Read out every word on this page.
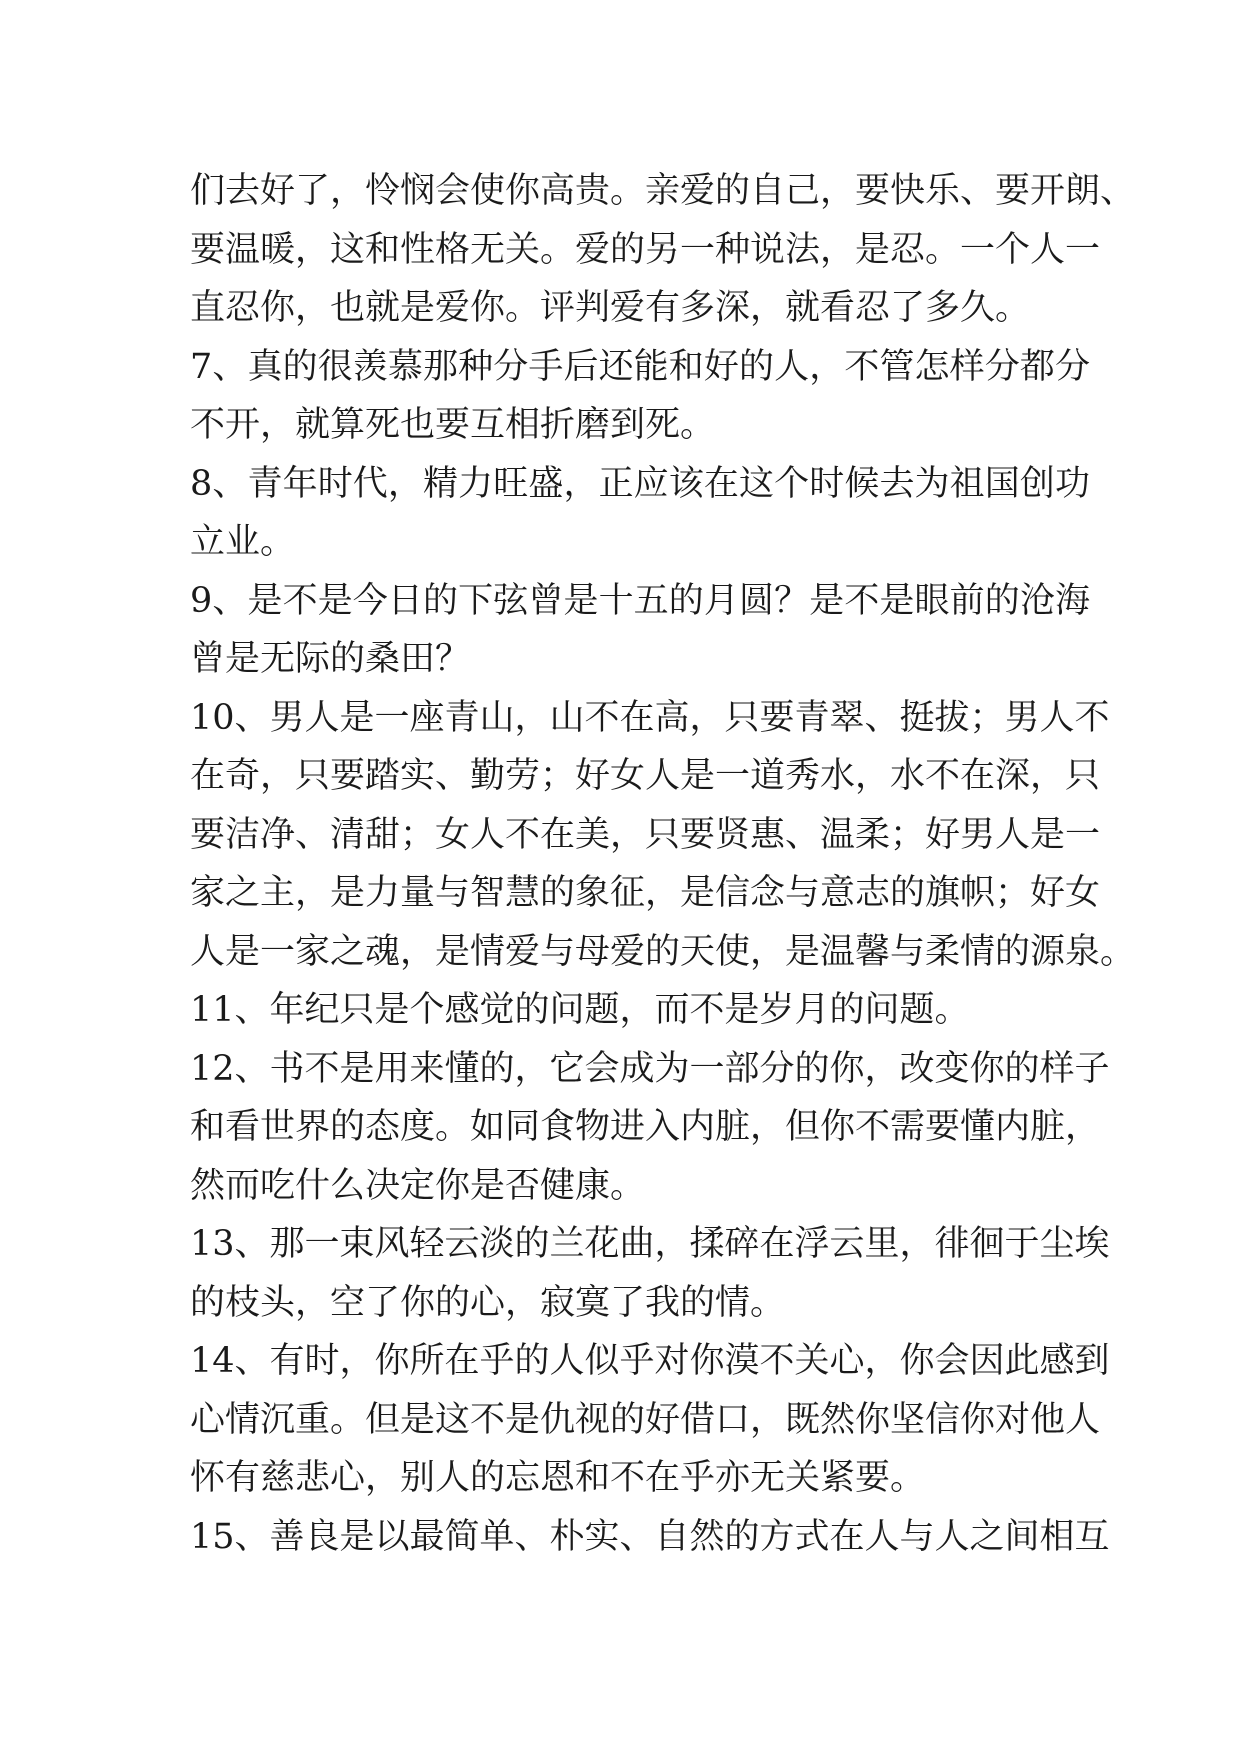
们去好了，怜悯会使你高贵。亲爱的自己，要快乐、要开朗、
要温暖，这和性格无关。爱的另一种说法，是忍。一个人一
直忍你，也就是爱你。评判爱有多深，就看忍了多久。
7、真的很羡慕那种分手后还能和好的人，不管怎样分都分
不开，就算死也要互相折磨到死。
8、青年时代，精力旺盛，正应该在这个时候去为祖国创功
立业。
9、是不是今日的下弦曾是十五的月圆？是不是眼前的沧海
曾是无际的桑田？
10、男人是一座青山，山不在高，只要青翠、挺拔；男人不
在奇，只要踏实、勤劳；好女人是一道秀水，水不在深，只
要洁净、清甜；女人不在美，只要贤惠、温柔；好男人是一
家之主，是力量与智慧的象征，是信念与意志的旗帜；好女
人是一家之魂，是情爱与母爱的天使，是温馨与柔情的源泉。
11、年纪只是个感觉的问题，而不是岁月的问题。
12、书不是用来懂的，它会成为一部分的你，改变你的样子
和看世界的态度。如同食物进入内脏，但你不需要懂内脏，
然而吃什么决定你是否健康。
13、那一束风轻云淡的兰花曲，揉碎在浮云里，徘徊于尘埃
的枝头，空了你的心，寂寞了我的情。
14、有时，你所在乎的人似乎对你漠不关心，你会因此感到
心情沉重。但是这不是仇视的好借口，既然你坚信你对他人
怀有慈悲心，别人的忘恩和不在乎亦无关紧要。
15、善良是以最简单、朴实、自然的方式在人与人之间相互
